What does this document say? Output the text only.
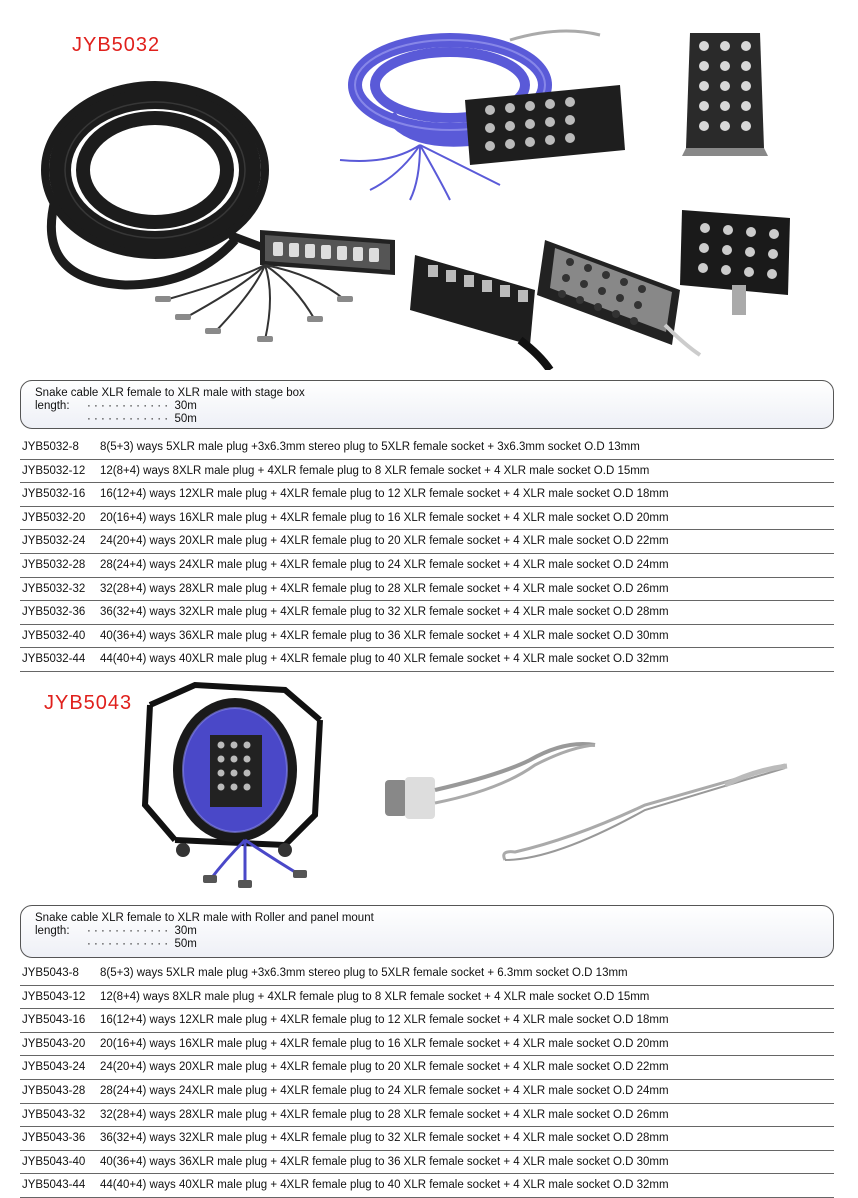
JYB5032
Snake cable XLR female to XLR male with stage box
length: · · · · · · · · · · · ·  30m
· · · · · · · · · · · ·  50m
JYB5032-8 8(5+3) ways 5XLR male plug +3x6.3mm stereo plug to 5XLR female socket + 3x6.3mm socket O.D 13mm
JYB5032-12 12(8+4) ways 8XLR male plug + 4XLR female plug to 8 XLR female socket + 4 XLR male socket O.D 15mm
JYB5032-16 16(12+4) ways 12XLR male plug + 4XLR female plug to 12 XLR female socket + 4 XLR male socket O.D 18mm
JYB5032-20 20(16+4) ways 16XLR male plug + 4XLR female plug to 16 XLR female socket + 4 XLR male socket O.D 20mm
JYB5032-24 24(20+4) ways 20XLR male plug + 4XLR female plug to 20 XLR female socket + 4 XLR male socket O.D 22mm
JYB5032-28 28(24+4) ways 24XLR male plug + 4XLR female plug to 24 XLR female socket + 4 XLR male socket O.D 24mm
JYB5032-32 32(28+4) ways 28XLR male plug + 4XLR female plug to 28 XLR female socket + 4 XLR male socket O.D 26mm
JYB5032-36 36(32+4) ways 32XLR male plug + 4XLR female plug to 32 XLR female socket + 4 XLR male socket O.D 28mm
JYB5032-40 40(36+4) ways 36XLR male plug + 4XLR female plug to 36 XLR female socket + 4 XLR male socket O.D 30mm
JYB5032-44 44(40+4) ways 40XLR male plug + 4XLR female plug to 40 XLR female socket + 4 XLR male socket O.D 32mm
JYB5043
Snake cable XLR female to XLR male with Roller and panel mount
length: · · · · · · · · · · · ·  30m
· · · · · · · · · · · ·  50m
JYB5043-8 8(5+3) ways 5XLR male plug +3x6.3mm stereo plug to 5XLR female socket + 6.3mm socket O.D 13mm
JYB5043-12 12(8+4) ways 8XLR male plug + 4XLR female plug to 8 XLR female socket + 4 XLR male socket O.D 15mm
JYB5043-16 16(12+4) ways 12XLR male plug + 4XLR female plug to 12 XLR female socket + 4 XLR male socket O.D 18mm
JYB5043-20 20(16+4) ways 16XLR male plug + 4XLR female plug to 16 XLR female socket + 4 XLR male socket O.D 20mm
JYB5043-24 24(20+4) ways 20XLR male plug + 4XLR female plug to 20 XLR female socket + 4 XLR male socket O.D 22mm
JYB5043-28 28(24+4) ways 24XLR male plug + 4XLR female plug to 24 XLR female socket + 4 XLR male socket O.D 24mm
JYB5043-32 32(28+4) ways 28XLR male plug + 4XLR female plug to 28 XLR female socket + 4 XLR male socket O.D 26mm
JYB5043-36 36(32+4) ways 32XLR male plug + 4XLR female plug to 32 XLR female socket + 4 XLR male socket O.D 28mm
JYB5043-40 40(36+4) ways 36XLR male plug + 4XLR female plug to 36 XLR female socket + 4 XLR male socket O.D 30mm
JYB5043-44 44(40+4) ways 40XLR male plug + 4XLR female plug to 40 XLR female socket + 4 XLR male socket O.D 32mm
